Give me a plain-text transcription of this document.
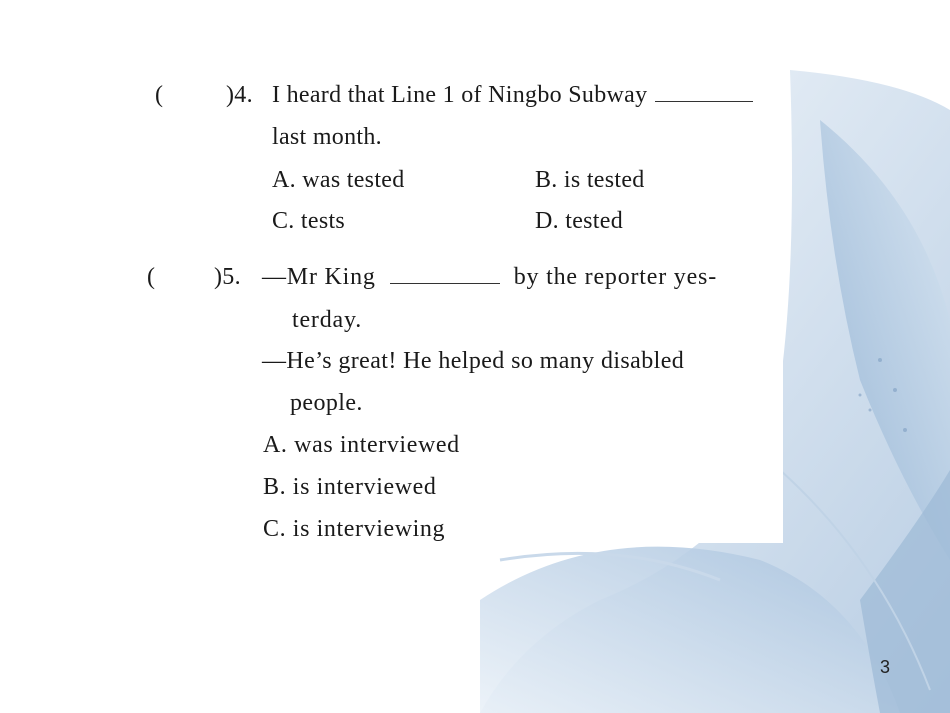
(	)4. I heard that Line 1 of Ningbo Subway
last month.
A. was tested	B. is tested
C. tests	D. tested
( )5. —Mr King	by the reporter yes-
terday.
—He’s great! He helped so many disabled
people.
A. was interviewed
B. is interviewed
C. is interviewing
3
